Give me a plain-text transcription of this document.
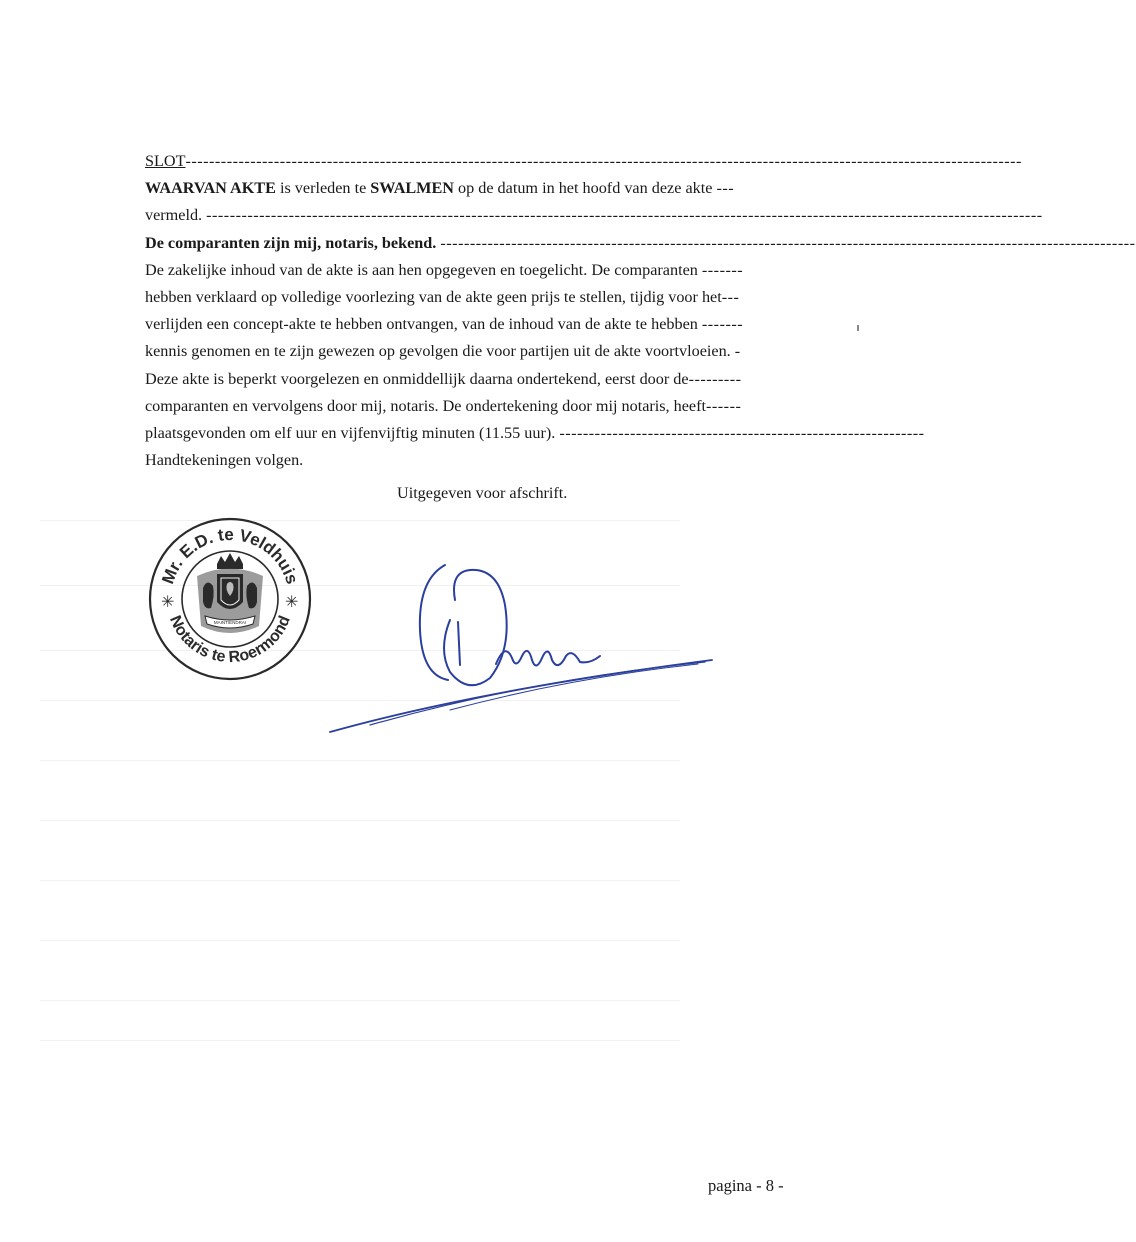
SLOT ----------------------------------------------------------------------------------------------------------------------------------------------
WAARVAN AKTE is verleden te SWALMEN op de datum in het hoofd van deze akte ---
vermeld. ----------------------------------------------------------------------------------------------------------------------------------------------
De comparanten zijn mij, notaris, bekend. ----------------------------------------------------------------------------------------------------------------------
De zakelijke inhoud van de akte is aan hen opgegeven en toegelicht. De comparanten -------
hebben verklaard op volledige voorlezing van de akte geen prijs te stellen, tijdig voor het ---
verlijden een concept-akte te hebben ontvangen, van de inhoud van de akte te hebben -------
kennis genomen en te zijn gewezen op gevolgen die voor partijen uit de akte voortvloeien. -
Deze akte is beperkt voorgelezen en onmiddellijk daarna ondertekend, eerst door de ---------
comparanten en vervolgens door mij, notaris. De ondertekening door mij notaris, heeft ------
plaatsgevonden om elf uur en vijfenvijftig minuten (11.55 uur). --------------------------------------------------------------
Handtekeningen volgen.
Uitgegeven voor afschrift.
Mr. E.D. te Veldhuis
Notaris te Roermond
✳	✳
MAINTIENDRAI
pagina - 8 -
